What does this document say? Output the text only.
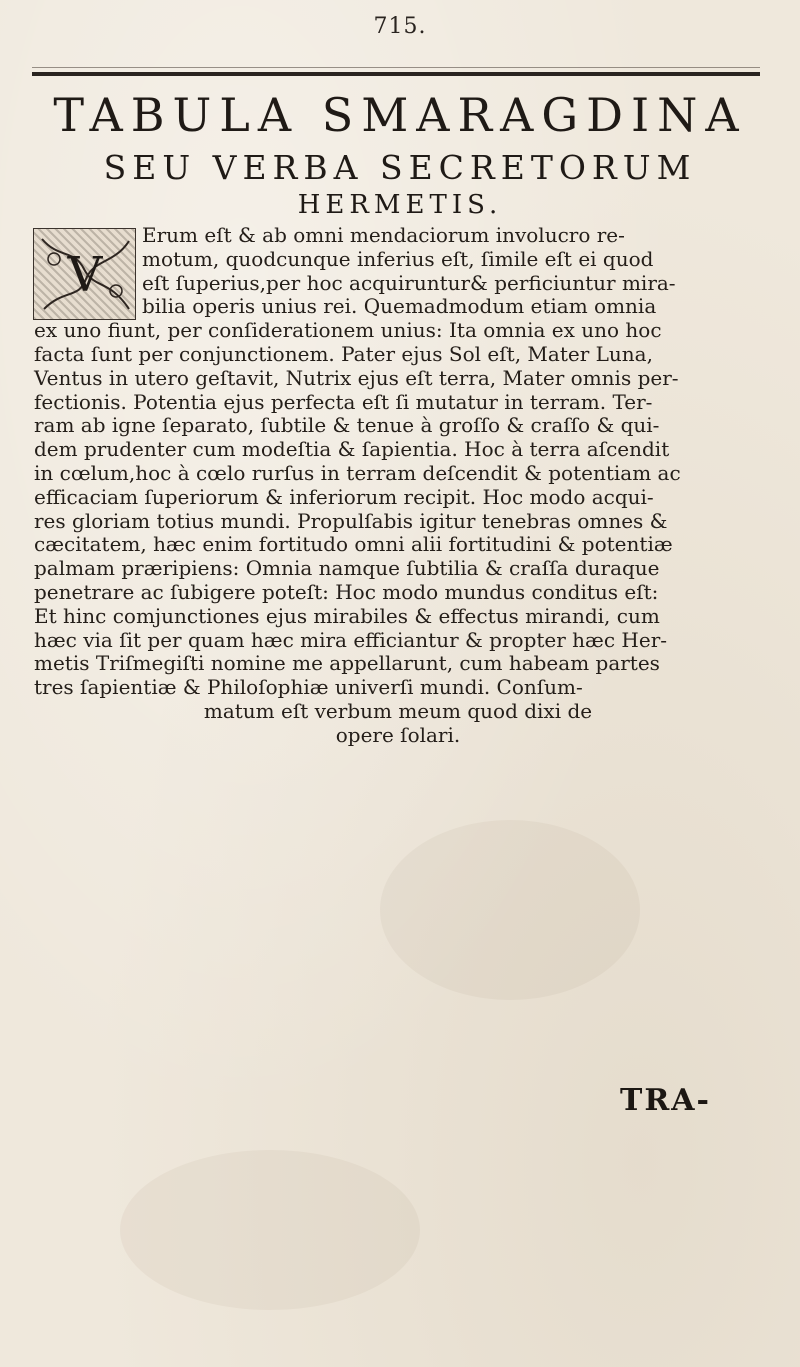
715.
TABULA SMARAGDINA
SEU VERBA SECRETORUM
HERMETIS.
V
Erum eſt & ab omni mendaciorum involucro re-
motum, quodcunque inferius eſt, ſimile eſt ei quod
eſt ſuperius,per hoc acquiruntur& perficiuntur mira-
bilia operis unius rei. Quemadmodum etiam omnia
ex uno fiunt, per conſiderationem unius: Ita omnia ex uno hoc
facta ſunt per conjunctionem. Pater ejus Sol eſt, Mater Luna,
Ventus in utero geſtavit, Nutrix ejus eſt terra, Mater omnis per-
fectionis. Potentia ejus perfecta eſt ſi mutatur in terram. Ter-
ram ab igne ſeparato, ſubtile & tenue à groſſo & craſſo & qui-
dem prudenter cum modeſtia & ſapientia. Hoc à terra aſcendit
in cœlum,hoc à cœlo rurſus in terram deſcendit & potentiam ac
efficaciam ſuperiorum & inferiorum recipit. Hoc modo acqui-
res gloriam totius mundi. Propulſabis igitur tenebras omnes &
cæcitatem, hæc enim fortitudo omni alii fortitudini & potentiæ
palmam præripiens: Omnia namque ſubtilia & craſſa duraque
penetrare ac ſubigere poteſt: Hoc modo mundus conditus eſt:
Et hinc comjunctiones ejus mirabiles & effectus mirandi, cum
hæc via ſit per quam hæc mira efficiantur & propter hæc Her-
metis Triſmegiſti nomine me appellarunt, cum habeam partes
tres ſapientiæ & Philoſophiæ univerſi mundi. Conſum-
matum eſt verbum meum quod dixi de
opere ſolari.
TRA-
